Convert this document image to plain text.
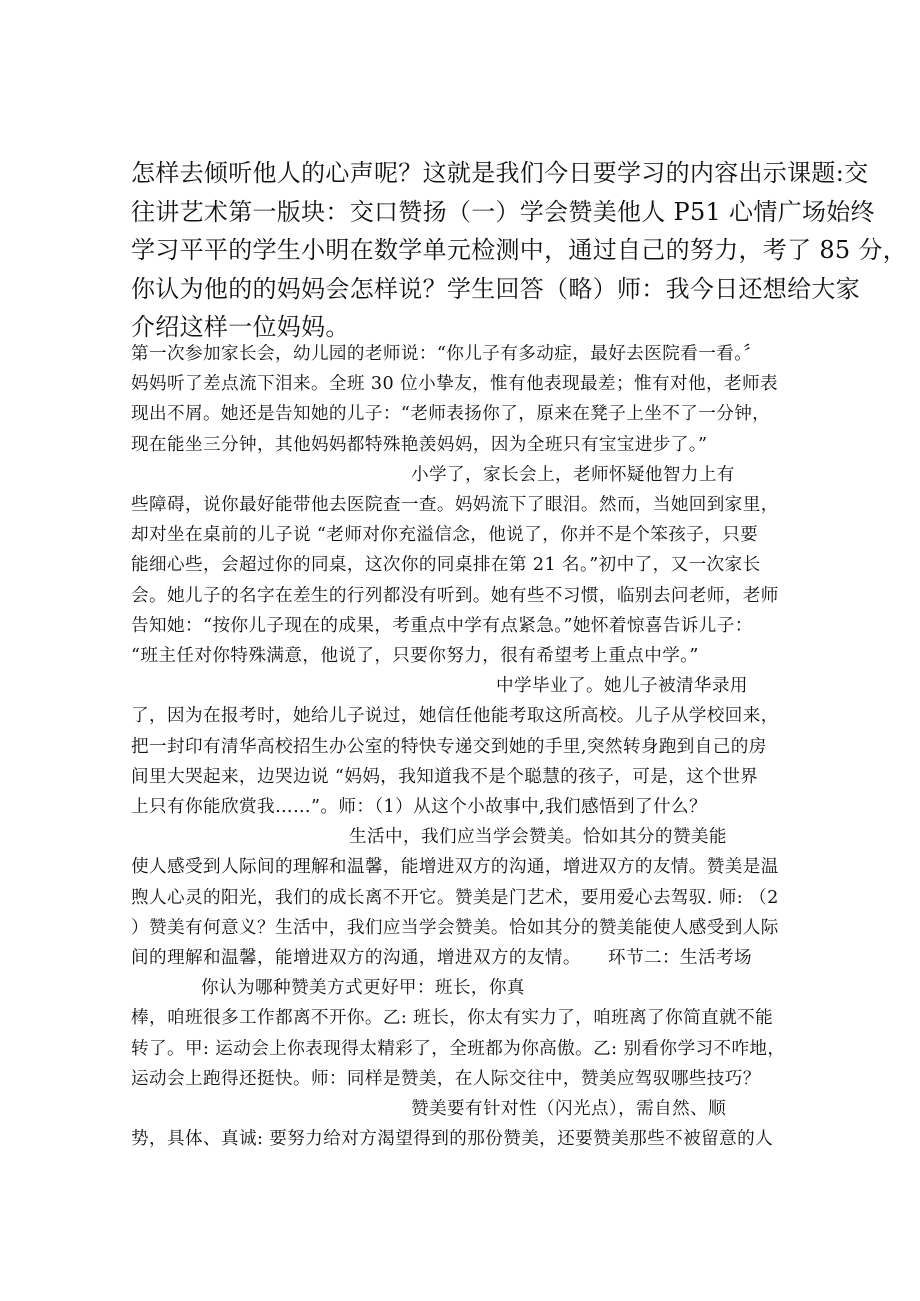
怎样去倾听他人的心声呢？这就是我们今日要学习的内容出示课题:交
往讲艺术第一版块：交口赞扬（一）学会赞美他人 P51 心情广场始终
学习平平的学生小明在数学单元检测中，通过自己的努力，考了 85 分，
你认为他的的妈妈会怎样说？学生回答（略）师：我今日还想给大家
介绍这样一位妈妈。
第一次参加家长会，幼儿园的老师说：“你儿子有多动症，最好去医院看一看。〞
妈妈听了差点流下泪来。全班 30 位小挚友，惟有他表现最差；惟有对他，老师表
现出不屑。她还是告知她的儿子：“老师表扬你了，原来在凳子上坐不了一分钟，
现在能坐三分钟，其他妈妈都特殊艳羡妈妈，因为全班只有宝宝进步了。”
小学了，家长会上，老师怀疑他智力上有
些障碍，说你最好能带他去医院查一查。妈妈流下了眼泪。然而，当她回到家里，
却对坐在桌前的儿子说 “老师对你充溢信念，他说了，你并不是个笨孩子，只要
能细心些，会超过你的同桌，这次你的同桌排在第 21 名。”初中了，又一次家长
会。她儿子的名字在差生的行列都没有听到。她有些不习惯，临别去问老师，老师
告知她：“按你儿子现在的成果，考重点中学有点紧急。”她怀着惊喜告诉儿子：
“班主任对你特殊满意，他说了，只要你努力，很有希望考上重点中学。”
中学毕业了。她儿子被清华录用
了，因为在报考时，她给儿子说过，她信任他能考取这所高校。儿子从学校回来，
把一封印有清华高校招生办公室的特快专递交到她的手里,突然转身跑到自己的房
间里大哭起来，边哭边说 “妈妈，我知道我不是个聪慧的孩子，可是，这个世界
上只有你能欣赏我……”。师：（1）从这个小故事中,我们感悟到了什么？
生活中，我们应当学会赞美。恰如其分的赞美能
使人感受到人际间的理解和温馨，能增进双方的沟通，增进双方的友情。赞美是温
煦人心灵的阳光，我们的成长离不开它。赞美是门艺术，要用爱心去驾驭. 师: （2
）赞美有何意义？生活中，我们应当学会赞美。恰如其分的赞美能使人感受到人际
间的理解和温馨，能增进双方的沟通，增进双方的友情。　　环节二：生活考场
你认为哪种赞美方式更好甲：班长，你真
棒，咱班很多工作都离不开你。乙: 班长，你太有实力了，咱班离了你简直就不能
转了。甲: 运动会上你表现得太精彩了，全班都为你高傲。乙: 别看你学习不咋地，
运动会上跑得还挺快。师：同样是赞美，在人际交往中，赞美应驾驭哪些技巧？
赞美要有针对性（闪光点），需自然、顺
势，具体、真诚: 要努力给对方渴望得到的那份赞美，还要赞美那些不被留意的人
